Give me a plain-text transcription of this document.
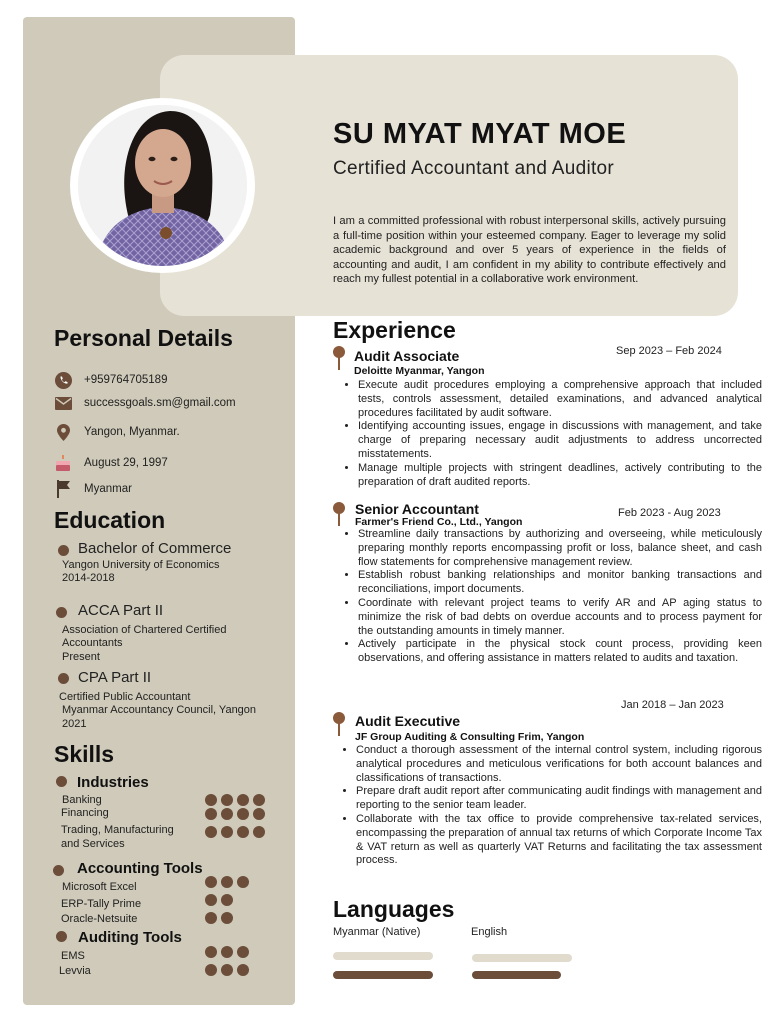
SU MYAT MYAT MOE
Certified Accountant and Auditor
I am a committed professional with robust interpersonal skills, actively pursuing a full-time position within your esteemed company. Eager to leverage my solid academic background and over 5 years of experience in the fields of accounting and audit, I am confident in my ability to contribute effectively and reach my fullest potential in a collaborative work environment.
Personal Details
+959764705189
successgoals.sm@gmail.com
Yangon, Myanmar.
August 29, 1997
Myanmar
Education
Bachelor of Commerce
Yangon University of Economics
2014-2018
ACCA Part II
Association of Chartered Certified
Accountants
Present
CPA Part II
Certified Public Accountant
Myanmar Accountancy Council, Yangon
2021
Skills
Industries
Banking
Financing
Trading, Manufacturing
and Services
Accounting Tools
Microsoft Excel
ERP-Tally Prime
Oracle-Netsuite
Auditing Tools
EMS
Levvia
Experience
Audit Associate	Sep 2023 – Feb 2024
Deloitte Myanmar, Yangon
• Execute audit procedures employing a comprehensive approach that included tests, controls assessment, detailed examinations, and advanced analytical procedures facilitated by audit software.
• Identifying accounting issues, engage in discussions with management, and take charge of preparing necessary audit adjustments to address uncorrected misstatements.
• Manage multiple projects with stringent deadlines, actively contributing to the preparation of draft audited reports.
Senior Accountant	Feb 2023 - Aug 2023
Farmer's Friend Co., Ltd., Yangon
• Streamline daily transactions by authorizing and overseeing, while meticulously preparing monthly reports encompassing profit or loss, balance sheet, and cash flow statements for comprehensive management review.
• Establish robust banking relationships and monitor banking transactions and reconciliations, import documents.
• Coordinate with relevant project teams to verify AR and AP aging status to minimize the risk of bad debts on overdue accounts and to process payment for the outstanding amounts in timely manner.
• Actively participate in the physical stock count process, providing keen observations, and offering assistance in matters related to audits and taxation.
Jan 2018 – Jan 2023
Audit Executive
JF Group Auditing & Consulting Frim, Yangon
• Conduct a thorough assessment of the internal control system, including rigorous analytical procedures and meticulous verifications for both account balances and classifications of transactions.
• Prepare draft audit report after communicating audit findings with management and reporting to the senior team leader.
• Collaborate with the tax office to provide comprehensive tax-related services, encompassing the preparation of annual tax returns of which Corporate Income Tax & VAT return as well as quarterly VAT Returns and facilitating the tax assessment process.
Languages
Myanmar (Native)	English
